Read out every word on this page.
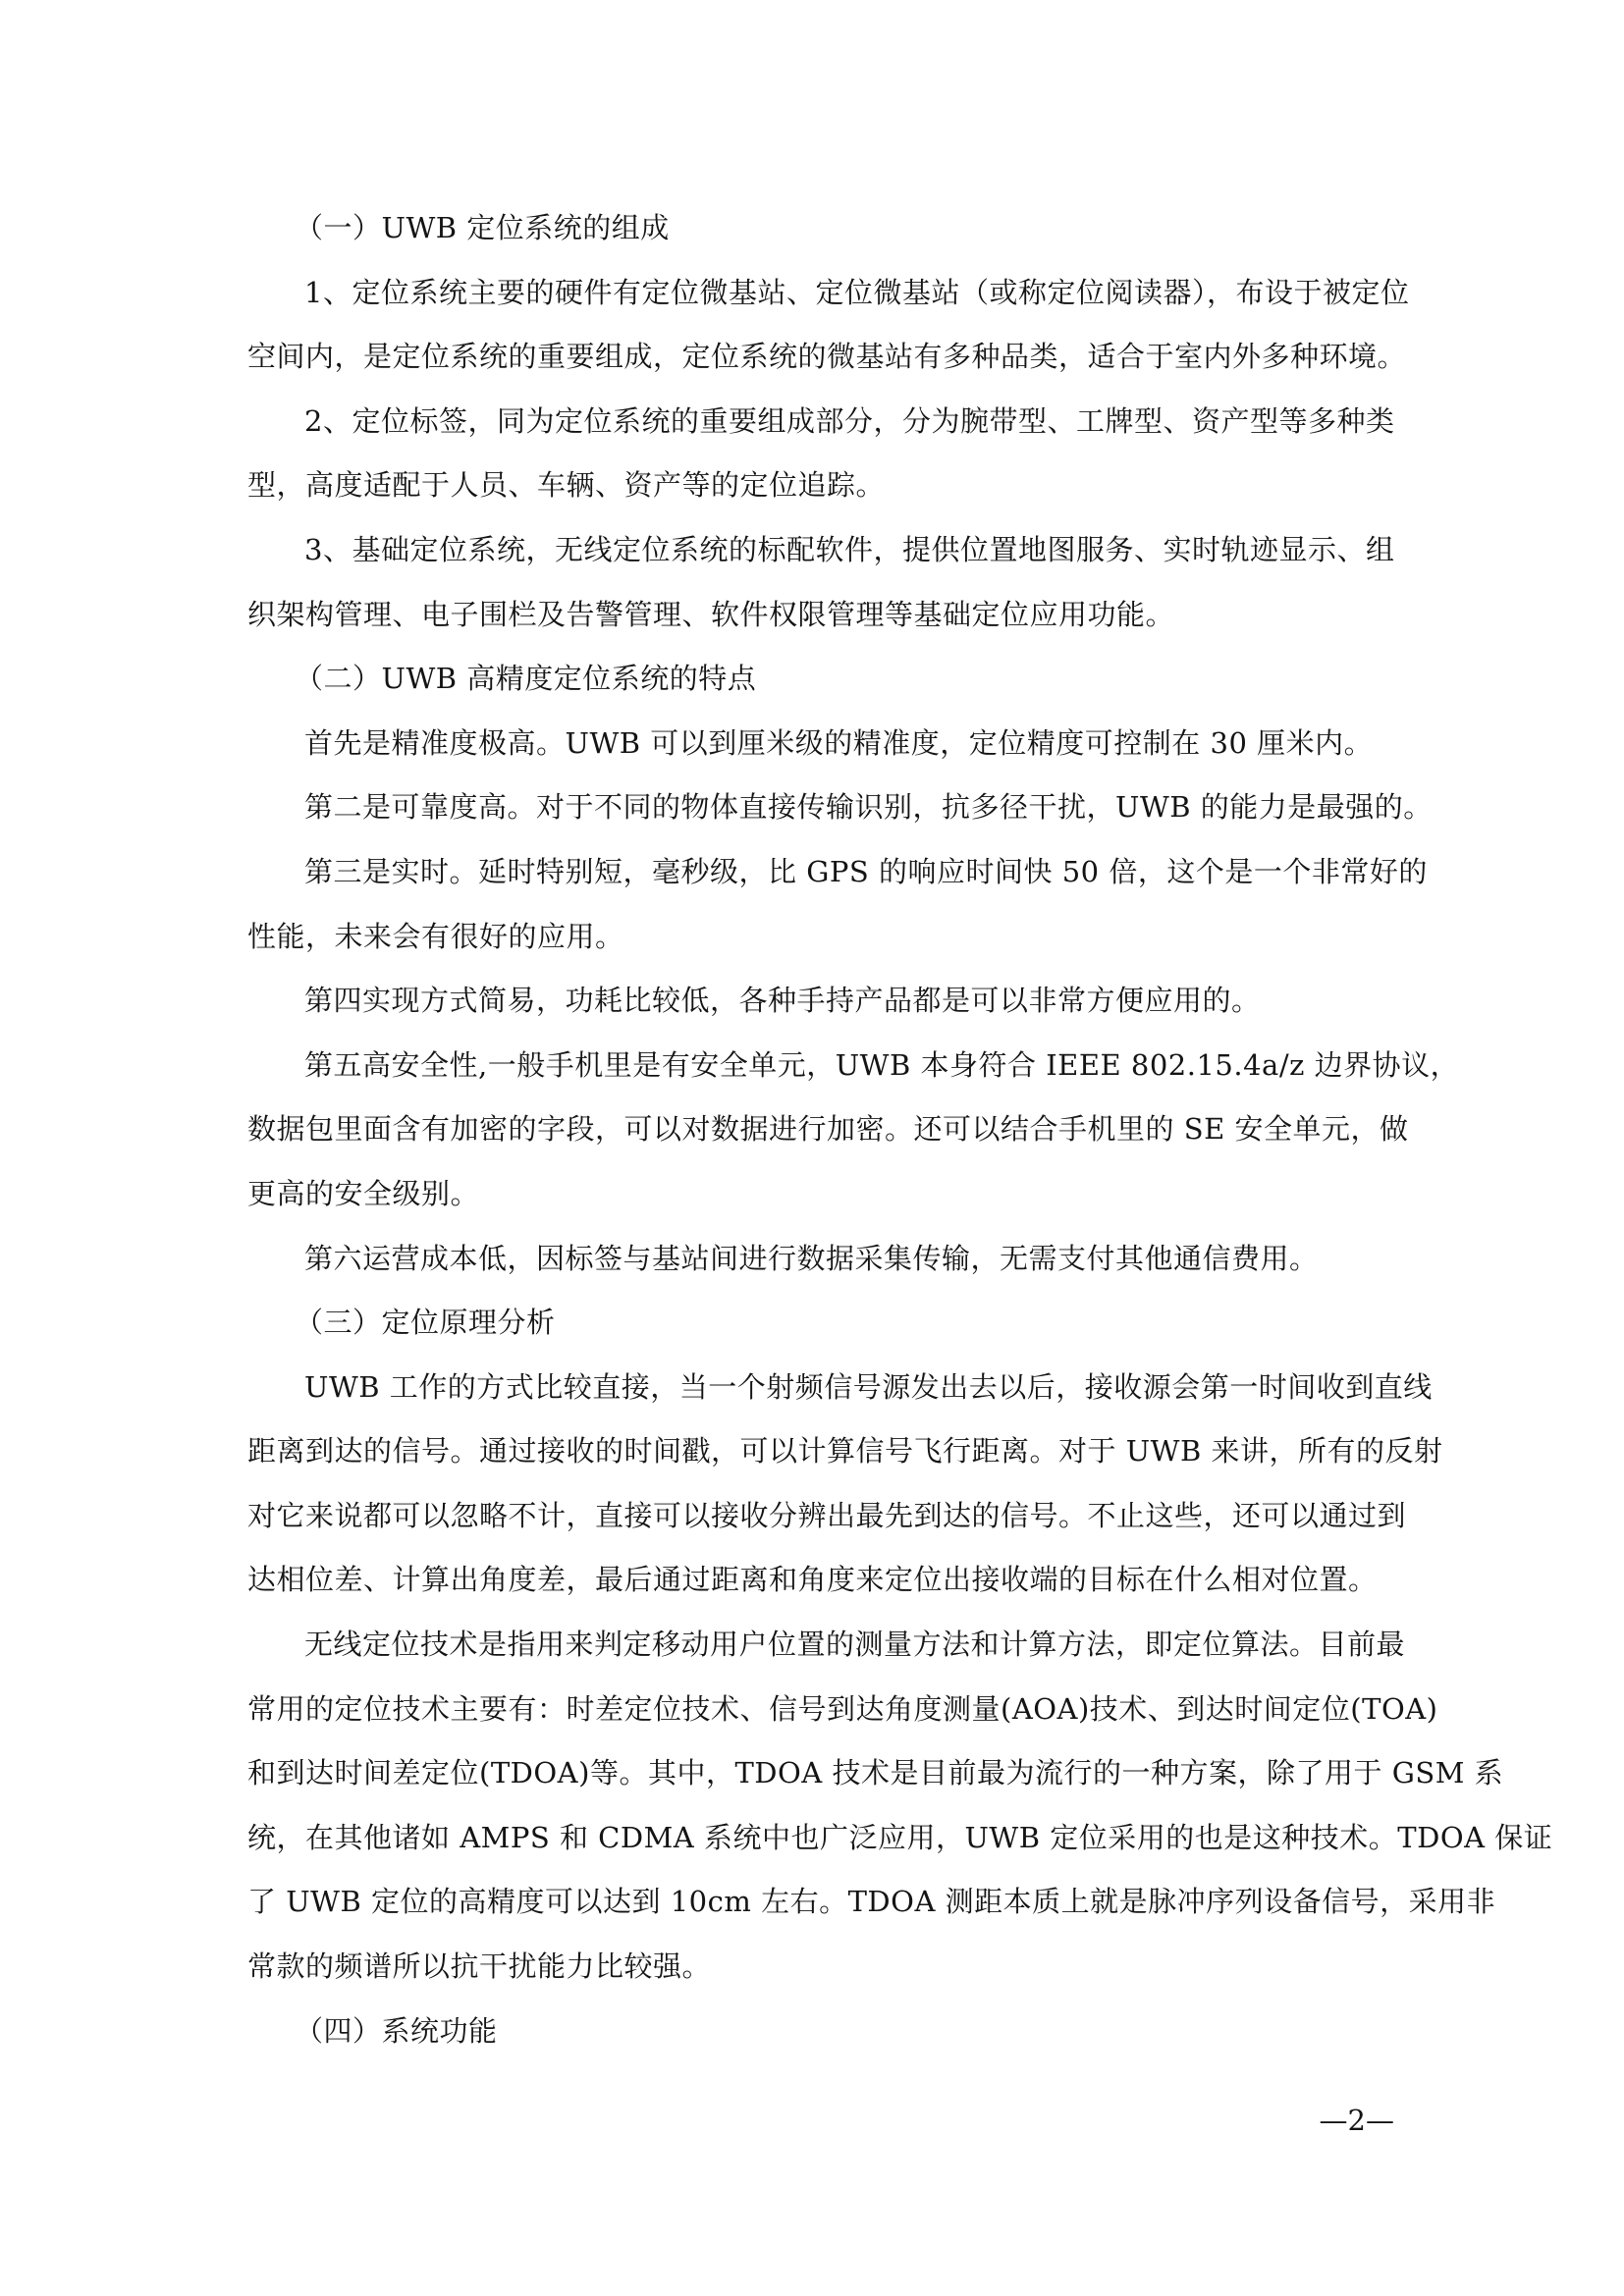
（一）UWB 定位系统的组成

1、定位系统主要的硬件有定位微基站、定位微基站（或称定位阅读器），布设于被定位

空间内，是定位系统的重要组成，定位系统的微基站有多种品类，适合于室内外多种环境。

2、定位标签，同为定位系统的重要组成部分，分为腕带型、工牌型、资产型等多种类

型，高度适配于人员、车辆、资产等的定位追踪。

3、基础定位系统，无线定位系统的标配软件，提供位置地图服务、实时轨迹显示、组

织架构管理、电子围栏及告警管理、软件权限管理等基础定位应用功能。

（二）UWB 高精度定位系统的特点

首先是精准度极高。UWB 可以到厘米级的精准度，定位精度可控制在 30 厘米内。

第二是可靠度高。对于不同的物体直接传输识别，抗多径干扰，UWB 的能力是最强的。

第三是实时。延时特别短，毫秒级，比 GPS 的响应时间快 50 倍，这个是一个非常好的

性能，未来会有很好的应用。

第四实现方式简易，功耗比较低，各种手持产品都是可以非常方便应用的。

第五高安全性,一般手机里是有安全单元，UWB 本身符合 IEEE 802.15.4a/z 边界协议，

数据包里面含有加密的字段，可以对数据进行加密。还可以结合手机里的 SE 安全单元，做

更高的安全级别。

第六运营成本低，因标签与基站间进行数据采集传输，无需支付其他通信费用。

（三）定位原理分析

UWB 工作的方式比较直接，当一个射频信号源发出去以后，接收源会第一时间收到直线

距离到达的信号。通过接收的时间戳，可以计算信号飞行距离。对于 UWB 来讲，所有的反射

对它来说都可以忽略不计，直接可以接收分辨出最先到达的信号。不止这些，还可以通过到

达相位差、计算出角度差，最后通过距离和角度来定位出接收端的目标在什么相对位置。

无线定位技术是指用来判定移动用户位置的测量方法和计算方法，即定位算法。目前最

常用的定位技术主要有：时差定位技术、信号到达角度测量(AOA)技术、到达时间定位(TOA)

和到达时间差定位(TDOA)等。其中，TDOA 技术是目前最为流行的一种方案，除了用于 GSM 系

统，在其他诸如 AMPS 和 CDMA 系统中也广泛应用，UWB 定位采用的也是这种技术。TDOA 保证

了 UWB 定位的高精度可以达到 10cm 左右。TDOA 测距本质上就是脉冲序列设备信号，采用非

常款的频谱所以抗干扰能力比较强。

（四）系统功能

—2—
